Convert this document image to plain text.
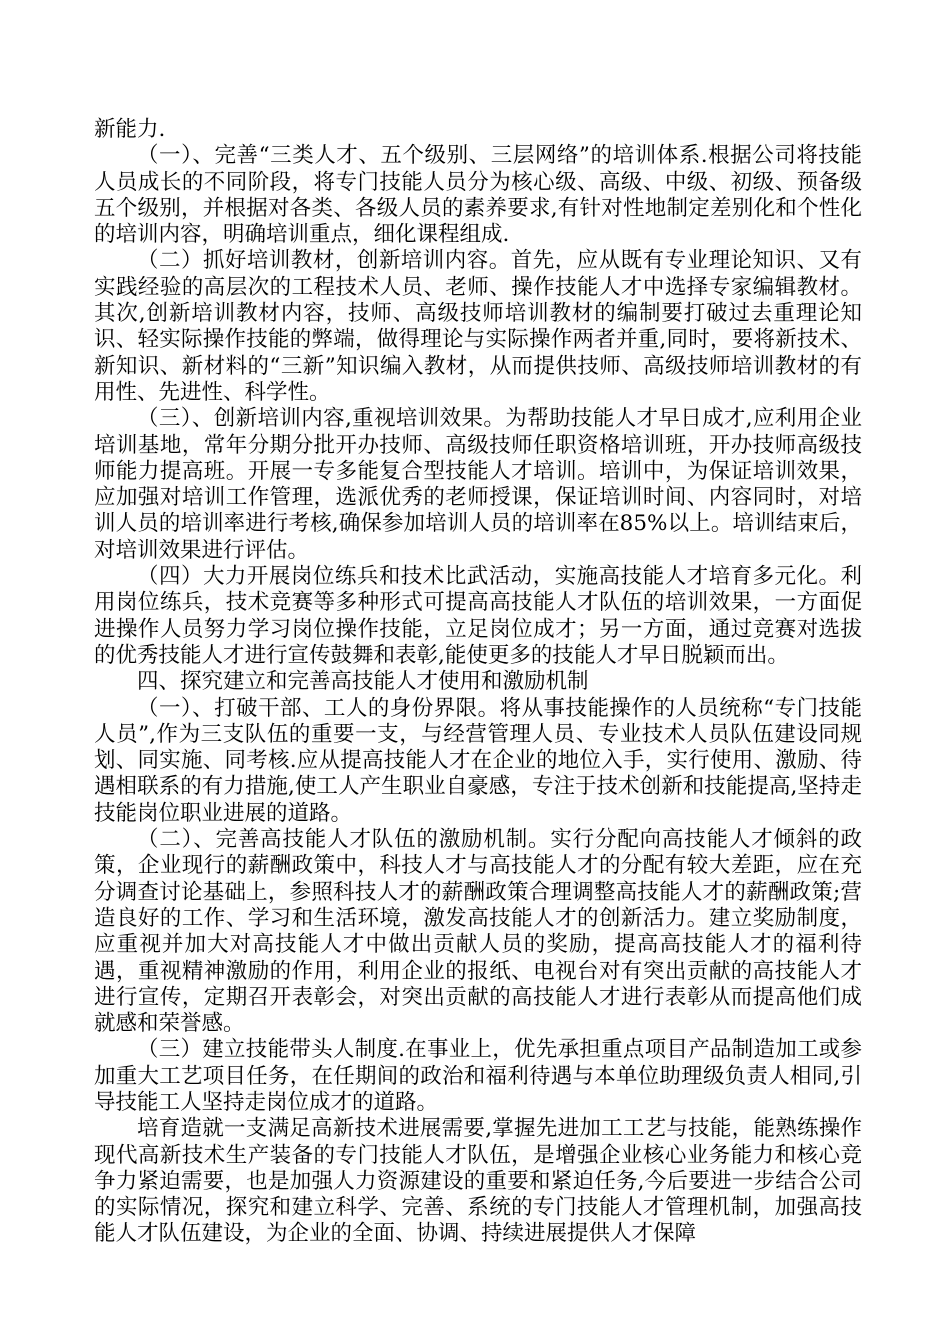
新能力.

（一）、完善“三类人才、五个级别、三层网络”的培训体系.根据公司将技能人员成长的不同阶段，将专门技能人员分为核心级、高级、中级、初级、预备级五个级别，并根据对各类、各级人员的素养要求,有针对性地制定差别化和个性化的培训内容，明确培训重点，细化课程组成.

（二）抓好培训教材，创新培训内容。首先，应从既有专业理论知识、又有实践经验的高层次的工程技术人员、老师、操作技能人才中选择专家编辑教材。其次,创新培训教材内容，技师、高级技师培训教材的编制要打破过去重理论知识、轻实际操作技能的弊端，做得理论与实际操作两者并重,同时，要将新技术、新知识、新材料的“三新”知识编入教材，从而提供技师、高级技师培训教材的有用性、先进性、科学性。

（三）、创新培训内容,重视培训效果。为帮助技能人才早日成才,应利用企业培训基地，常年分期分批开办技师、高级技师任职资格培训班，开办技师高级技师能力提高班。开展一专多能复合型技能人才培训。培训中，为保证培训效果，应加强对培训工作管理，选派优秀的老师授课，保证培训时间、内容同时，对培训人员的培训率进行考核,确保参加培训人员的培训率在85%以上。培训结束后，对培训效果进行评估。

（四）大力开展岗位练兵和技术比武活动，实施高技能人才培育多元化。利用岗位练兵，技术竞赛等多种形式可提高高技能人才队伍的培训效果，一方面促进操作人员努力学习岗位操作技能，立足岗位成才；另一方面，通过竞赛对选拔的优秀技能人才进行宣传鼓舞和表彰,能使更多的技能人才早日脱颖而出。

四、探究建立和完善高技能人才使用和激励机制

（一）、打破干部、工人的身份界限。将从事技能操作的人员统称“专门技能人员”,作为三支队伍的重要一支，与经营管理人员、专业技术人员队伍建设同规划、同实施、同考核.应从提高技能人才在企业的地位入手，实行使用、激励、待遇相联系的有力措施,使工人产生职业自豪感，专注于技术创新和技能提高,坚持走技能岗位职业进展的道路。

（二）、完善高技能人才队伍的激励机制。实行分配向高技能人才倾斜的政策，企业现行的薪酬政策中，科技人才与高技能人才的分配有较大差距，应在充分调查讨论基础上，参照科技人才的薪酬政策合理调整高技能人才的薪酬政策;营造良好的工作、学习和生活环境，激发高技能人才的创新活力。建立奖励制度，应重视并加大对高技能人才中做出贡献人员的奖励，提高高技能人才的福利待遇，重视精神激励的作用，利用企业的报纸、电视台对有突出贡献的高技能人才进行宣传，定期召开表彰会，对突出贡献的高技能人才进行表彰从而提高他们成就感和荣誉感。

（三）建立技能带头人制度.在事业上，优先承担重点项目产品制造加工或参加重大工艺项目任务，在任期间的政治和福利待遇与本单位助理级负责人相同,引导技能工人坚持走岗位成才的道路。

培育造就一支满足高新技术进展需要,掌握先进加工工艺与技能，能熟练操作现代高新技术生产装备的专门技能人才队伍，是增强企业核心业务能力和核心竞争力紧迫需要，也是加强人力资源建设的重要和紧迫任务,今后要进一步结合公司的实际情况，探究和建立科学、完善、系统的专门技能人才管理机制，加强高技能人才队伍建设，为企业的全面、协调、持续进展提供人才保障
